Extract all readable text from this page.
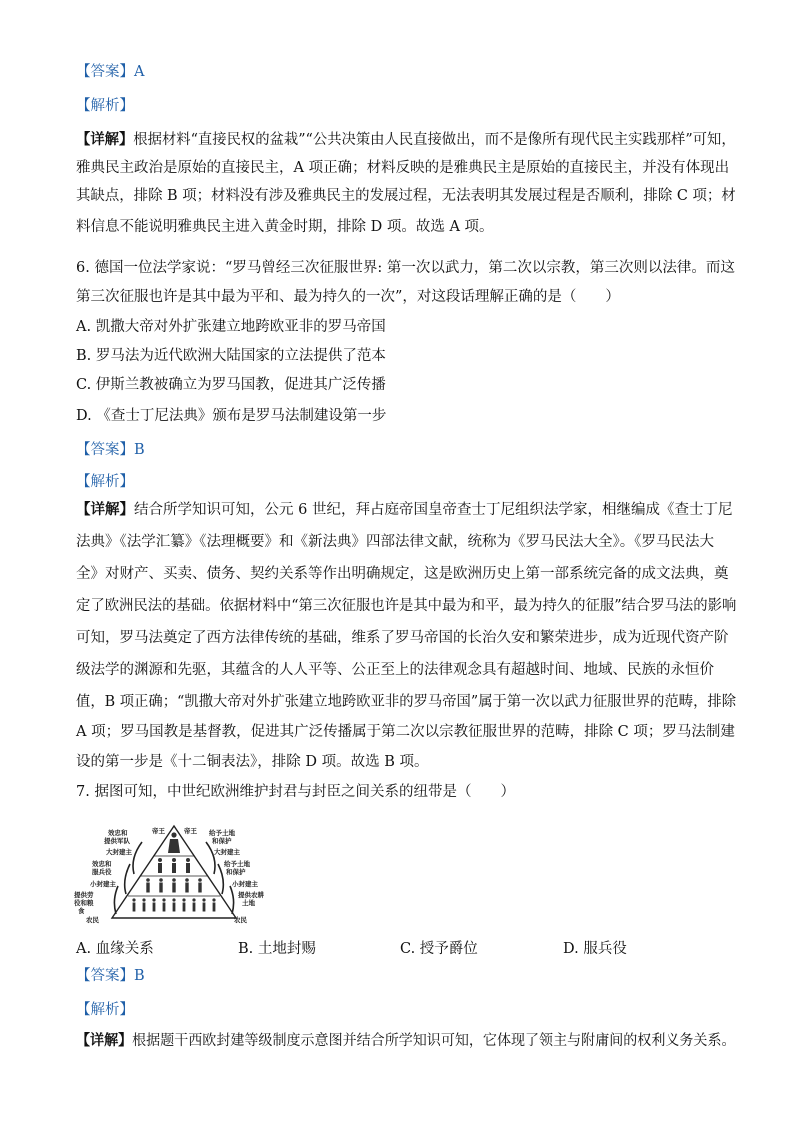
【答案】A
【解析】
【详解】根据材料“直接民权的盆栽”“公共决策由人民直接做出，而不是像所有现代民主实践那样”可知，
雅典民主政治是原始的直接民主，A 项正确；材料反映的是雅典民主是原始的直接民主，并没有体现出
其缺点，排除 B 项；材料没有涉及雅典民主的发展过程，无法表明其发展过程是否顺利，排除 C 项；材
料信息不能说明雅典民主进入黄金时期，排除 D 项。故选 A 项。
6. 德国一位法学家说：“罗马曾经三次征服世界: 第一次以武力，第二次以宗教，第三次则以法律。而这
第三次征服也许是其中最为平和、最为持久的一次”，对这段话理解正确的是（　　）
A. 凯撒大帝对外扩张建立地跨欧亚非的罗马帝国
B. 罗马法为近代欧洲大陆国家的立法提供了范本
C. 伊斯兰教被确立为罗马国教，促进其广泛传播
D. 《查士丁尼法典》颁布是罗马法制建设第一步
【答案】B
【解析】
【详解】结合所学知识可知，公元 6 世纪，拜占庭帝国皇帝查士丁尼组织法学家，相继编成《查士丁尼
法典》《法学汇纂》《法理概要》和《新法典》四部法律文献，统称为《罗马民法大全》。《罗马民法大
全》对财产、买卖、债务、契约关系等作出明确规定，这是欧洲历史上第一部系统完备的成文法典，奠
定了欧洲民法的基础。依据材料中“第三次征服也许是其中最为和平，最为持久的征服”结合罗马法的影响
可知，罗马法奠定了西方法律传统的基础，维系了罗马帝国的长治久安和繁荣进步，成为近现代资产阶
级法学的渊源和先驱，其蕴含的人人平等、公正至上的法律观念具有超越时间、地域、民族的永恒价
值，B 项正确；“凯撒大帝对外扩张建立地跨欧亚非的罗马帝国”属于第一次以武力征服世界的范畴，排除
A 项；罗马国教是基督教，促进其广泛传播属于第二次以宗教征服世界的范畴，排除 C 项；罗马法制建
设的第一步是《十二铜表法》，排除 D 项。故选 B 项。
7. 据图可知，中世纪欧洲维护封君与封臣之间关系的纽带是（　　）
【答案】B
【解析】
【详解】根据题干西欧封建等级制度示意图并结合所学知识可知，它体现了领主与附庸间的权利义务关系。
A. 血缘关系	B. 土地封赐	C. 授予爵位	D. 服兵役
帝王	帝王
效忠和
提供军队
给予土地
和保护
大封建主	大封建主
效忠和
服兵役
给予土地
和保护
小封建主	小封建主
提供劳
役和粮
食
提供农耕
土地
农民	农民
